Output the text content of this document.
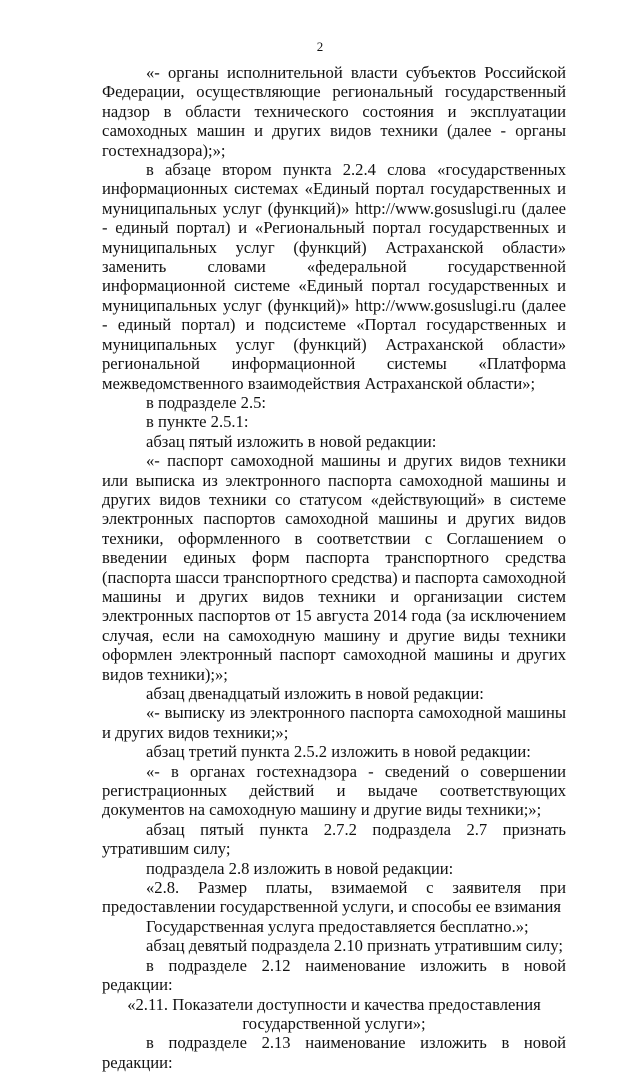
2

«- органы исполнительной власти субъектов Российской Федерации, осуществляющие региональный государственный надзор в области технического состояния и эксплуатации самоходных машин и других видов техники (далее - органы гостехнадзора);»;

в абзаце втором пункта 2.2.4 слова «государственных информационных системах «Единый портал государственных и муниципальных услуг (функций)» http://www.gosuslugi.ru (далее - единый портал) и «Региональный портал государственных и муниципальных услуг (функций) Астраханской области» заменить словами «федеральной государственной информационной системе «Единый портал государственных и муниципальных услуг (функций)» http://www.gosuslugi.ru (далее - единый портал) и подсистеме «Портал государственных и муниципальных услуг (функций) Астраханской области» региональной информационной системы «Платформа межведомственного взаимодействия Астраханской области»;

в подразделе 2.5:

в пункте 2.5.1:

абзац пятый изложить в новой редакции:

«- паспорт самоходной машины и других видов техники или выписка из электронного паспорта самоходной машины и других видов техники со статусом «действующий» в системе электронных паспортов самоходной машины и других видов техники, оформленного в соответствии с Соглашением о введении единых форм паспорта транспортного средства (паспорта шасси транспортного средства) и паспорта самоходной машины и других видов техники и организации систем электронных паспортов от 15 августа 2014 года (за исключением случая, если на самоходную машину и другие виды техники оформлен электронный паспорт самоходной машины и других видов техники);»;

абзац двенадцатый изложить в новой редакции:

«- выписку из электронного паспорта самоходной машины и других видов техники;»;

абзац третий пункта 2.5.2 изложить в новой редакции:

«- в органах гостехнадзора - сведений о совершении регистрационных действий и выдаче соответствующих документов на самоходную машину и другие виды техники;»;

абзац пятый пункта 2.7.2 подраздела 2.7 признать утратившим силу;

подраздела 2.8 изложить в новой редакции:

«2.8. Размер платы, взимаемой с заявителя при предоставлении государственной услуги, и способы ее взимания

Государственная услуга предоставляется бесплатно.»;

абзац девятый подраздела 2.10 признать утратившим силу;

в подразделе 2.12 наименование изложить в новой редакции:

«2.11. Показатели доступности и качества предоставления государственной услуги»;

в подразделе 2.13 наименование изложить в новой редакции:
